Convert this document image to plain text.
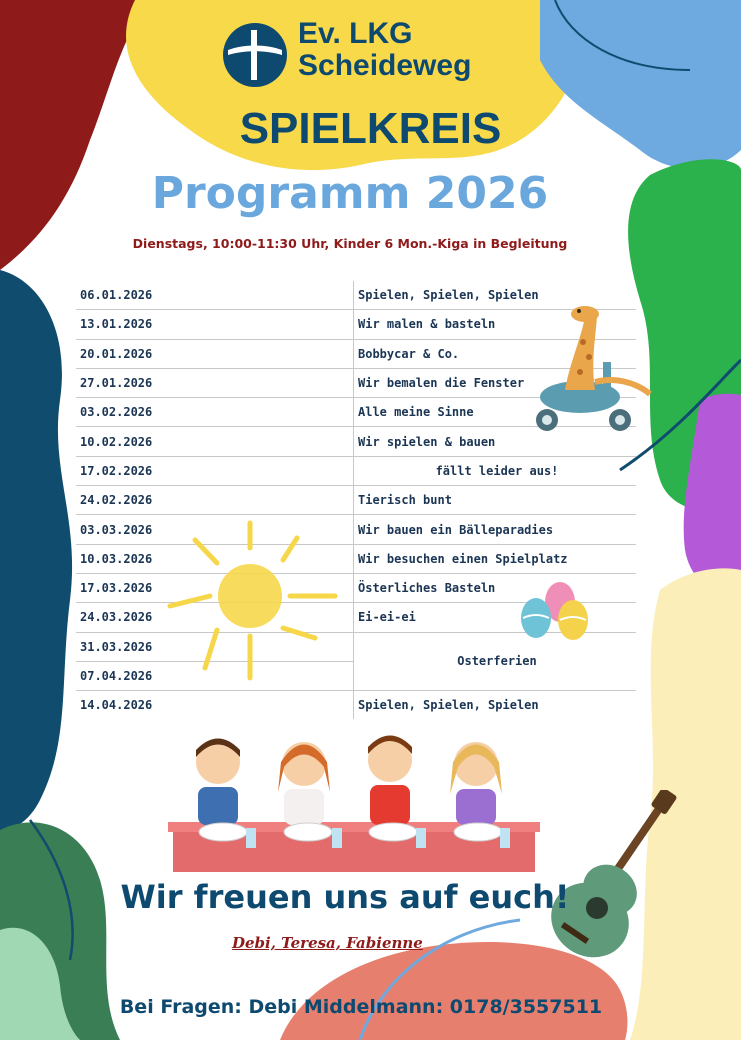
Ev. LKG
Scheideweg
SPIELKREIS
Programm 2026
Dienstags, 10:00-11:30 Uhr, Kinder 6 Mon.-Kiga in Begleitung
06.01.2026	Spielen, Spielen, Spielen
13.01.2026	Wir malen & basteln
20.01.2026	Bobbycar & Co.
27.01.2026	Wir bemalen die Fenster
03.02.2026	Alle meine Sinne
10.02.2026	Wir spielen & bauen
17.02.2026	fällt leider aus!
24.02.2026	Tierisch bunt
03.03.2026	Wir bauen ein Bälleparadies
10.03.2026	Wir besuchen einen Spielplatz
17.03.2026	Österliches Basteln
24.03.2026	Ei-ei-ei
31.03.2026	Osterferien
07.04.2026	
14.04.2026	Spielen, Spielen, Spielen
Wir freuen uns auf euch!
Debi, Teresa, Fabienne
Bei Fragen: Debi Middelmann: 0178/3557511
